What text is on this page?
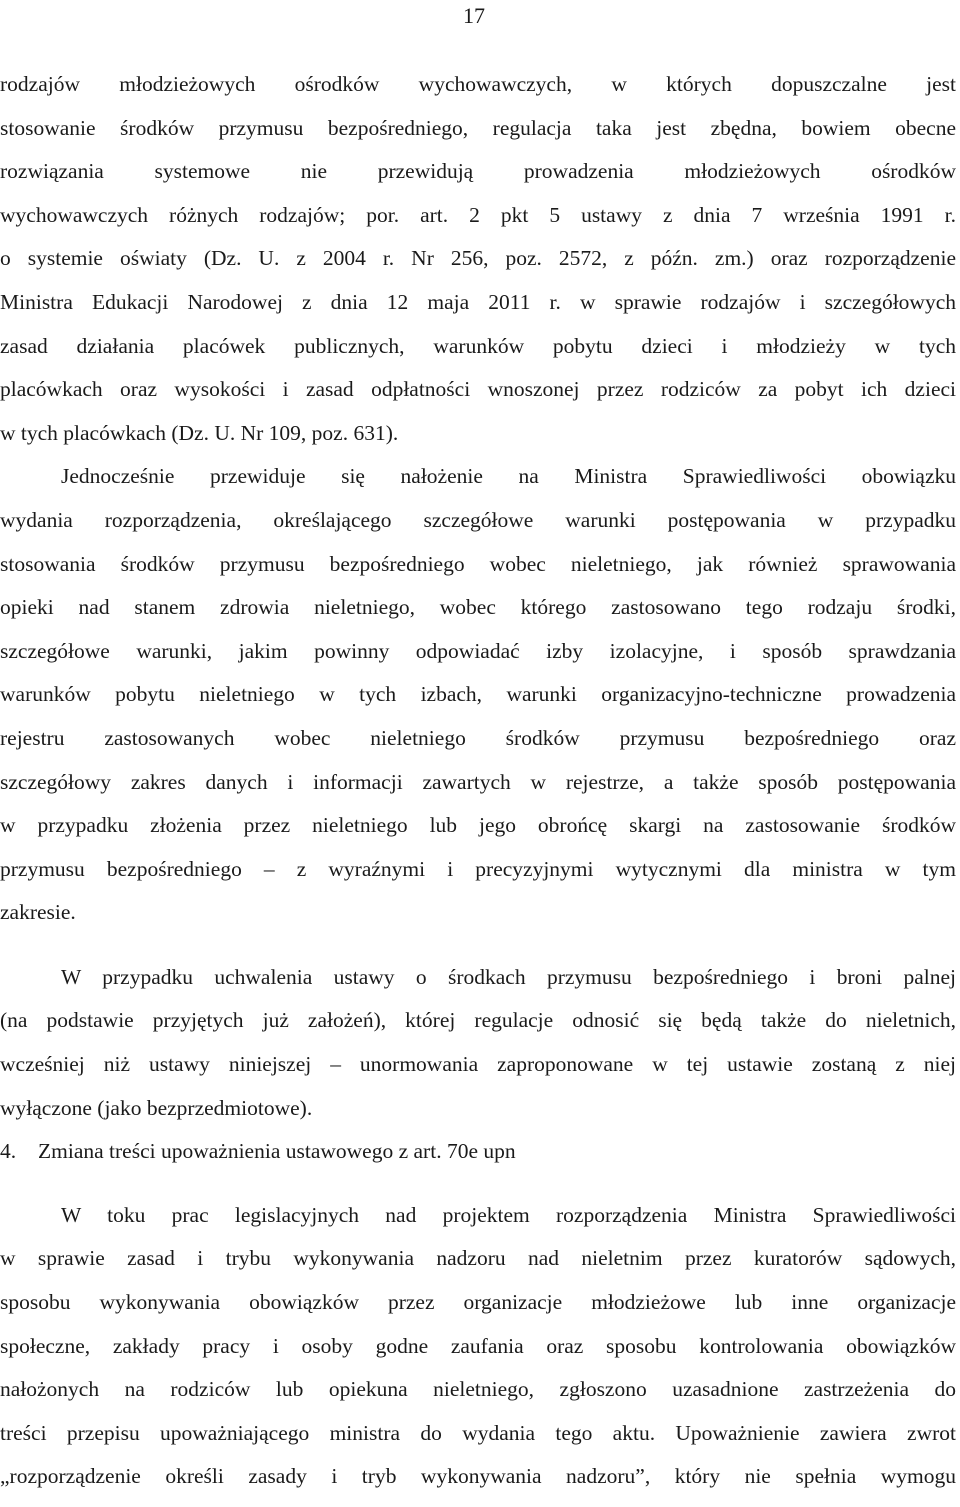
17
rodzajów młodzieżowych ośrodków wychowawczych, w których dopuszczalne jest
stosowanie środków przymusu bezpośredniego, regulacja taka jest zbędna, bowiem obecne
rozwiązania systemowe nie przewidują prowadzenia młodzieżowych ośrodków
wychowawczych różnych rodzajów; por. art. 2 pkt 5 ustawy z dnia 7 września 1991 r.
o systemie oświaty (Dz. U. z 2004 r. Nr 256, poz. 2572, z późn. zm.) oraz rozporządzenie
Ministra Edukacji Narodowej z dnia 12 maja 2011 r. w sprawie rodzajów i szczegółowych
zasad działania placówek publicznych, warunków pobytu dzieci i młodzieży w tych
placówkach oraz wysokości i zasad odpłatności wnoszonej przez rodziców za pobyt ich dzieci
w tych placówkach (Dz. U. Nr 109, poz. 631).
Jednocześnie przewiduje się nałożenie na Ministra Sprawiedliwości obowiązku
wydania rozporządzenia, określającego szczegółowe warunki postępowania w przypadku
stosowania środków przymusu bezpośredniego wobec nieletniego, jak również sprawowania
opieki nad stanem zdrowia nieletniego, wobec którego zastosowano tego rodzaju środki,
szczegółowe warunki, jakim powinny odpowiadać izby izolacyjne, i sposób sprawdzania
warunków pobytu nieletniego w tych izbach, warunki organizacyjno-techniczne prowadzenia
rejestru zastosowanych wobec nieletniego środków przymusu bezpośredniego oraz
szczegółowy zakres danych i informacji zawartych w rejestrze, a także sposób postępowania
w przypadku złożenia przez nieletniego lub jego obrońcę skargi na zastosowanie środków
przymusu bezpośredniego – z wyraźnymi i precyzyjnymi wytycznymi dla ministra w tym
zakresie.
W przypadku uchwalenia ustawy o środkach przymusu bezpośredniego i broni palnej
(na podstawie przyjętych już założeń), której regulacje odnosić się będą także do nieletnich,
wcześniej niż ustawy niniejszej – unormowania zaproponowane w tej ustawie zostaną z niej
wyłączone (jako bezprzedmiotowe).
4. Zmiana treści upoważnienia ustawowego z art. 70e upn
W toku prac legislacyjnych nad projektem rozporządzenia Ministra Sprawiedliwości
w sprawie zasad i trybu wykonywania nadzoru nad nieletnim przez kuratorów sądowych,
sposobu wykonywania obowiązków przez organizacje młodzieżowe lub inne organizacje
społeczne, zakłady pracy i osoby godne zaufania oraz sposobu kontrolowania obowiązków
nałożonych na rodziców lub opiekuna nieletniego, zgłoszono uzasadnione zastrzeżenia do
treści przepisu upoważniającego ministra do wydania tego aktu. Upoważnienie zawiera zwrot
„rozporządzenie określi zasady i tryb wykonywania nadzoru”, który nie spełnia wymogu
